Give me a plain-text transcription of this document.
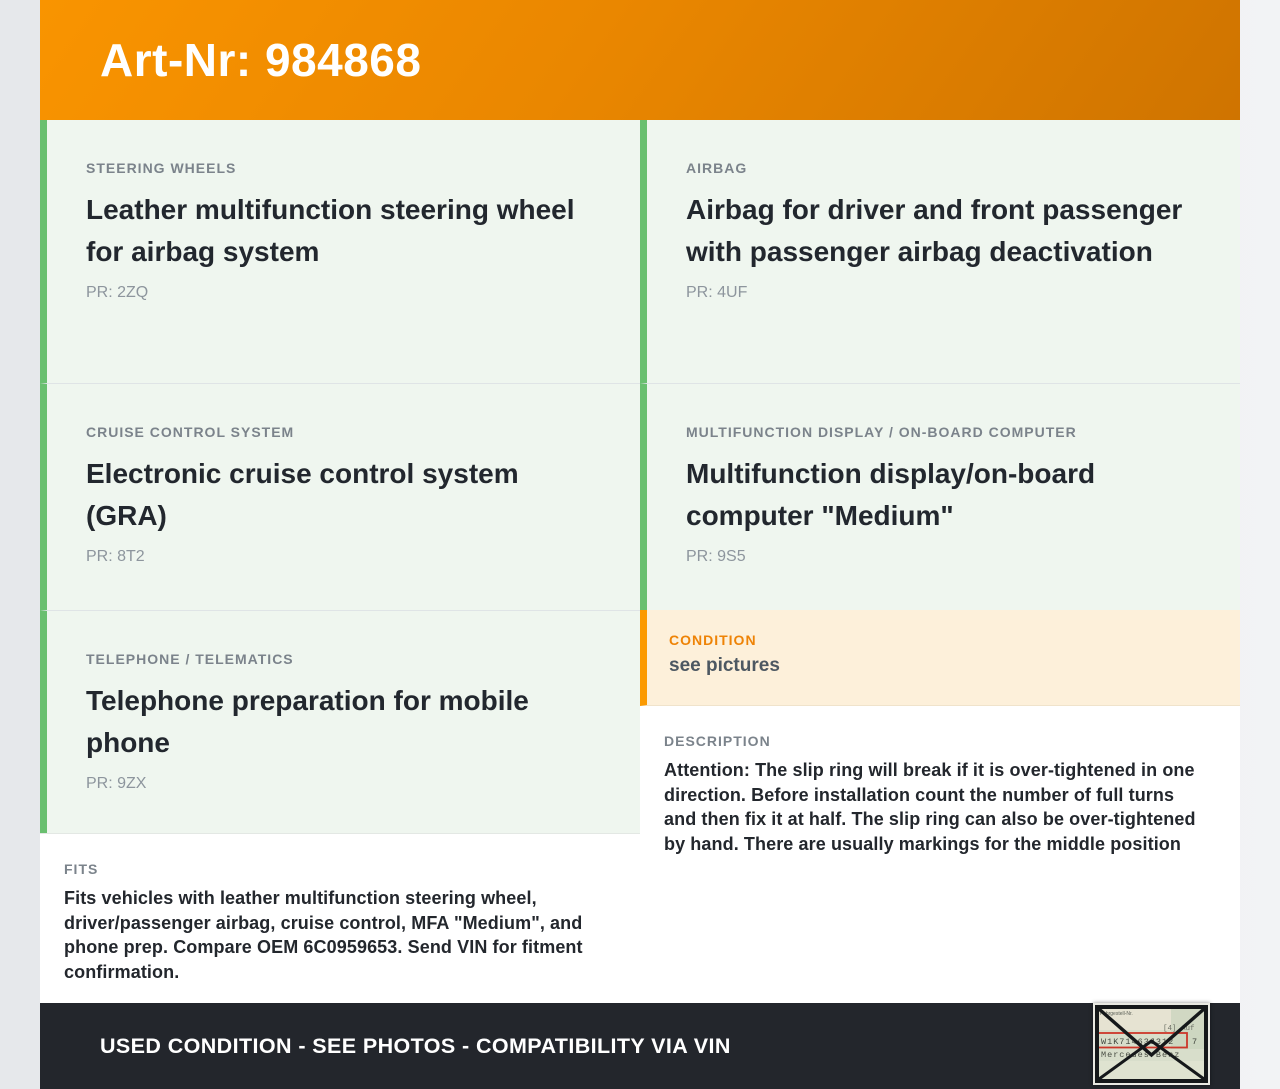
Art-Nr: 984868
STEERING WHEELS
Leather multifunction steering wheel for airbag system
PR: 2ZQ
CRUISE CONTROL SYSTEM
Electronic cruise control system (GRA)
PR: 8T2
TELEPHONE / TELEMATICS
Telephone preparation for mobile phone
PR: 9ZX
FITS
Fits vehicles with leather multifunction steering wheel, driver/passenger airbag, cruise control, MFA "Medium", and phone prep. Compare OEM 6C0959653. Send VIN for fitment confirmation.
AIRBAG
Airbag for driver and front passenger with passenger airbag deactivation
PR: 4UF
MULTIFUNCTION DISPLAY / ON-BOARD COMPUTER
Multifunction display/on-board computer "Medium"
PR: 9S5
CONDITION
see pictures
DESCRIPTION
Attention: The slip ring will break if it is over-tightened in one direction. Before installation count the number of full turns and then fix it at half. The slip ring can also be over-tightened by hand. There are usually markings for the middle position
USED CONDITION - SEE PHOTOS - COMPATIBILITY VIA VIN
Fahrgestell-Nr.
[4] Auf
W1K71463J312 7
Mercedes-Benz
